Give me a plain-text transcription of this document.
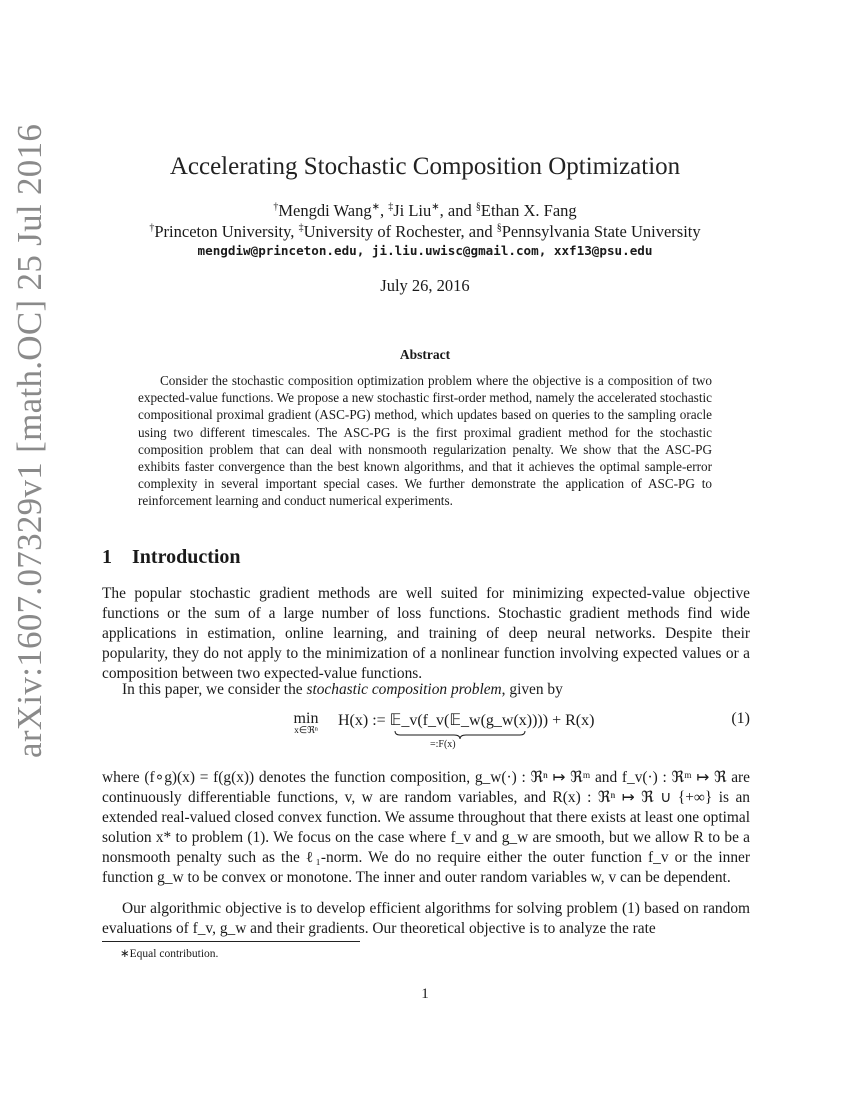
arXiv:1607.07329v1 [math.OC] 25 Jul 2016	Accelerating Stochastic Composition Optimization
†Mengdi Wang∗, ‡Ji Liu∗, and §Ethan X. Fang
†Princeton University, ‡University of Rochester, and §Pennsylvania State University
mengdiw@princeton.edu, ji.liu.uwisc@gmail.com, xxf13@psu.edu
July 26, 2016
Abstract
Consider the stochastic composition optimization problem where the objective is a composition of two expected-value functions. We propose a new stochastic first-order method, namely the accelerated stochastic compositional proximal gradient (ASC-PG) method, which updates based on queries to the sampling oracle using two different timescales. The ASC-PG is the first proximal gradient method for the stochastic composition problem that can deal with nonsmooth regularization penalty. We show that the ASC-PG exhibits faster convergence than the best known algorithms, and that it achieves the optimal sample-error complexity in several important special cases. We further demonstrate the application of ASC-PG to reinforcement learning and conduct numerical experiments.
1 Introduction
The popular stochastic gradient methods are well suited for minimizing expected-value objective functions or the sum of a large number of loss functions. Stochastic gradient methods find wide applications in estimation, online learning, and training of deep neural networks. Despite their popularity, they do not apply to the minimization of a nonlinear function involving expected values or a composition between two expected-value functions.
In this paper, we consider the stochastic composition problem, given by
min
x∈ℜⁿ
H(x) := 𝔼_v(f_v(𝔼_w(g_w(x)))) + R(x)
=:F(x)
(1)
where (f∘g)(x) = f(g(x)) denotes the function composition, g_w(·) : ℜⁿ ↦ ℜᵐ and f_v(·) : ℜᵐ ↦ ℜ are continuously differentiable functions, v, w are random variables, and R(x) : ℜⁿ ↦ ℜ ∪ {+∞} is an extended real-valued closed convex function. We assume throughout that there exists at least one optimal solution x* to problem (1). We focus on the case where f_v and g_w are smooth, but we allow R to be a nonsmooth penalty such as the ℓ₁-norm. We do no require either the outer function f_v or the inner function g_w to be convex or monotone. The inner and outer random variables w, v can be dependent.
Our algorithmic objective is to develop efficient algorithms for solving problem (1) based on random evaluations of f_v, g_w and their gradients. Our theoretical objective is to analyze the rate
∗Equal contribution.
1
